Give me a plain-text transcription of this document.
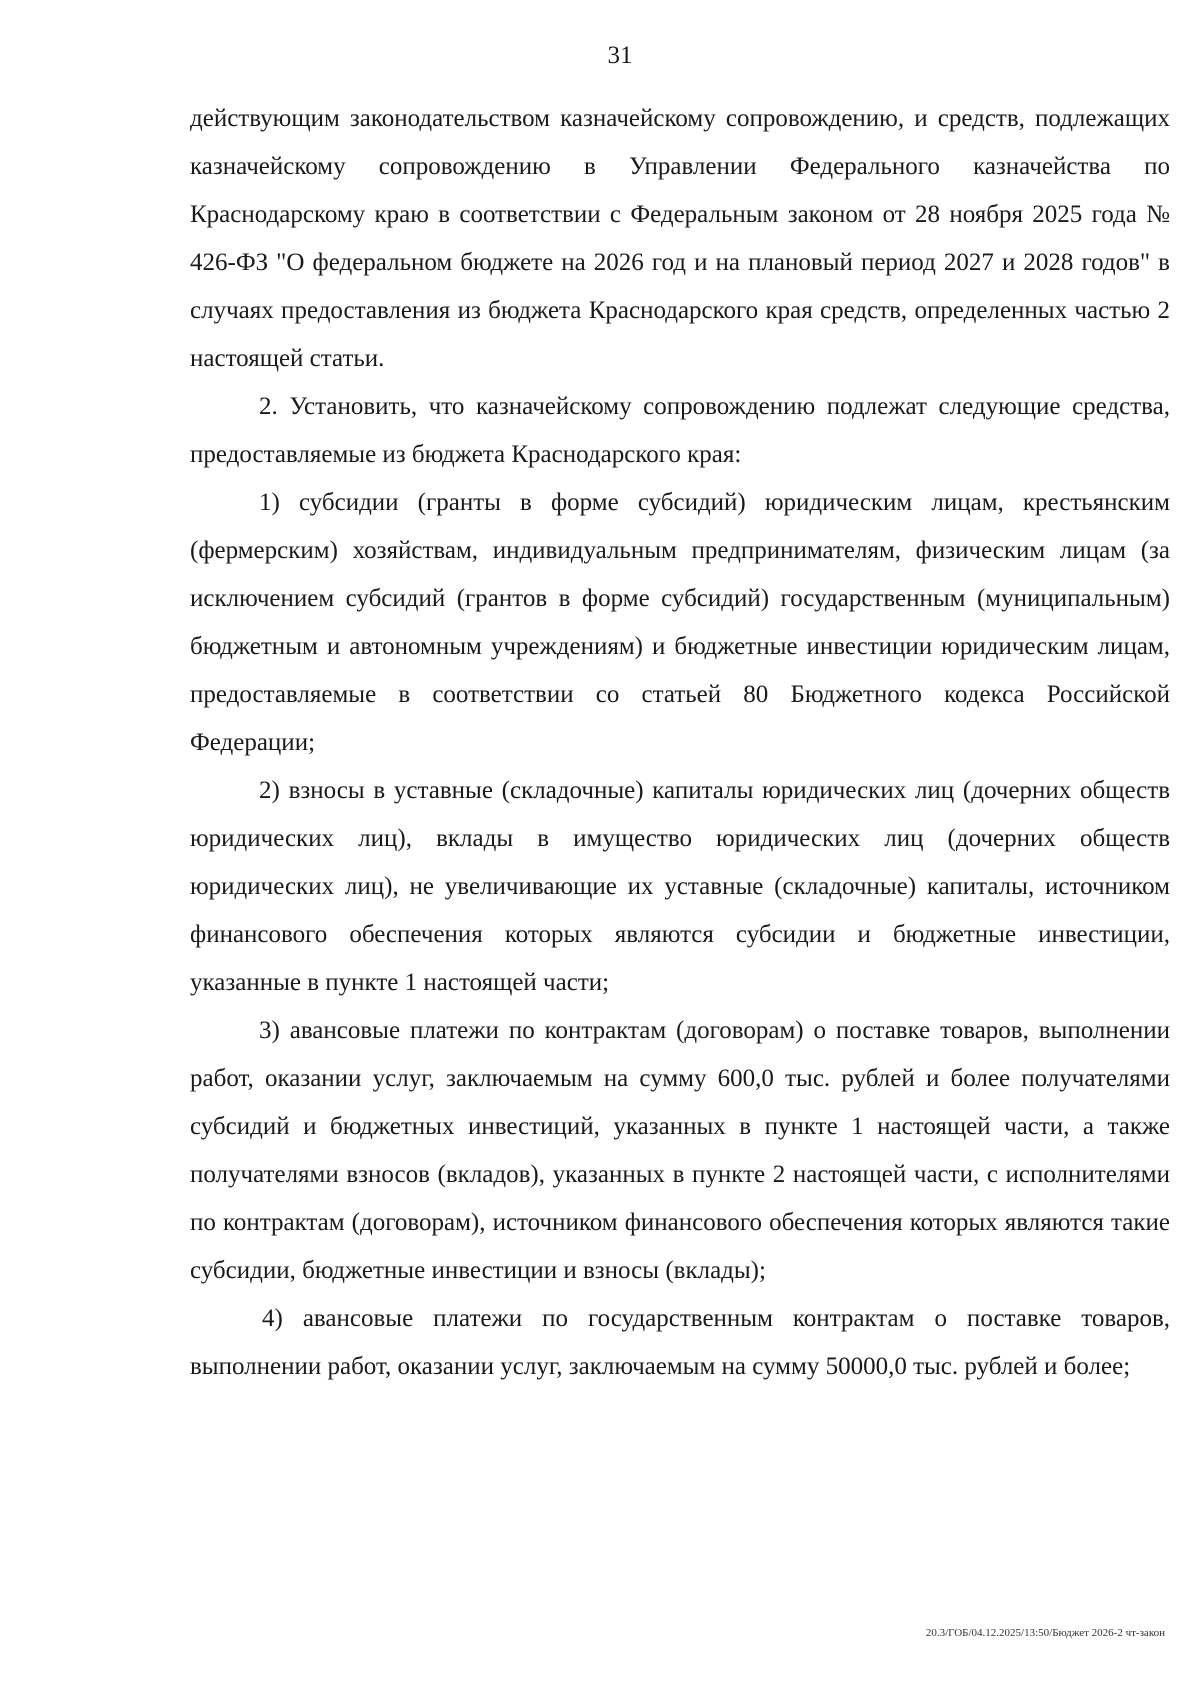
31

действующим законодательством казначейскому сопровождению, и средств, подлежащих казначейскому сопровождению в Управлении Федерального казначейства по Краснодарскому краю в соответствии с Федеральным законом от 28 ноября 2025 года № 426-ФЗ "О федеральном бюджете на 2026 год и на плановый период 2027 и 2028 годов" в случаях предоставления из бюджета Краснодарского края средств, определенных частью 2 настоящей статьи.

2. Установить, что казначейскому сопровождению подлежат следующие средства, предоставляемые из бюджета Краснодарского края:

1) субсидии (гранты в форме субсидий) юридическим лицам, крестьянским (фермерским) хозяйствам, индивидуальным предпринимателям, физическим лицам (за исключением субсидий (грантов в форме субсидий) государственным (муниципальным) бюджетным и автономным учреждениям) и бюджетные инвестиции юридическим лицам, предоставляемые в соответствии со статьей 80 Бюджетного кодекса Российской Федерации;

2) взносы в уставные (складочные) капиталы юридических лиц (дочерних обществ юридических лиц), вклады в имущество юридических лиц (дочерних обществ юридических лиц), не увеличивающие их уставные (складочные) капиталы, источником финансового обеспечения которых являются субсидии и бюджетные инвестиции, указанные в пункте 1 настоящей части;

3) авансовые платежи по контрактам (договорам) о поставке товаров, выполнении работ, оказании услуг, заключаемым на сумму 600,0 тыс. рублей и более получателями субсидий и бюджетных инвестиций, указанных в пункте 1 настоящей части, а также получателями взносов (вкладов), указанных в пункте 2 настоящей части, с исполнителями по контрактам (договорам), источником финансового обеспечения которых являются такие субсидии, бюджетные инвестиции и взносы (вклады);

4) авансовые платежи по государственным контрактам о поставке товаров, выполнении работ, оказании услуг, заключаемым на сумму 50000,0 тыс. рублей и более;

20.3/ГОБ/04.12.2025/13:50/Бюджет 2026-2 чт-закон
